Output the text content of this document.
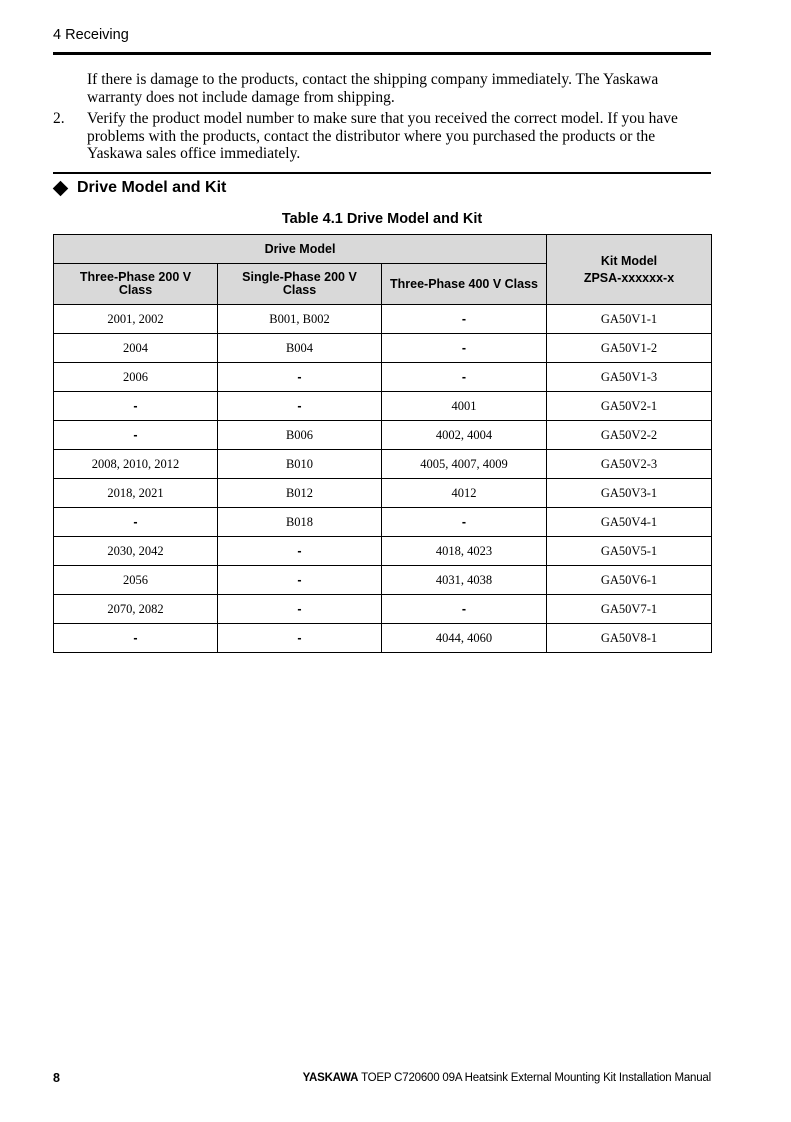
4 Receiving
If there is damage to the products, contact the shipping company immediately. The Yaskawa warranty does not include damage from shipping.
2. Verify the product model number to make sure that you received the correct model. If you have problems with the products, contact the distributor where you purchased the products or the Yaskawa sales office immediately.
Drive Model and Kit
Table 4.1 Drive Model and Kit
Drive Model			Kit Model
ZPSA-xxxxxx-x

Three-Phase 200 V Class	Single-Phase 200 V Class	Three-Phase 400 V Class	
2001, 2002	B001, B002	-	GA50V1-1
2004	B004	-	GA50V1-2
2006	-	-	GA50V1-3
-	-	4001	GA50V2-1
-	B006	4002, 4004	GA50V2-2
2008, 2010, 2012	B010	4005, 4007, 4009	GA50V2-3
2018, 2021	B012	4012	GA50V3-1
-	B018	-	GA50V4-1
2030, 2042	-	4018, 4023	GA50V5-1
2056	-	4031, 4038	GA50V6-1
2070, 2082	-	-	GA50V7-1
-	-	4044, 4060	GA50V8-1
8	YASKAWA TOEP C720600 09A Heatsink External Mounting Kit Installation Manual
